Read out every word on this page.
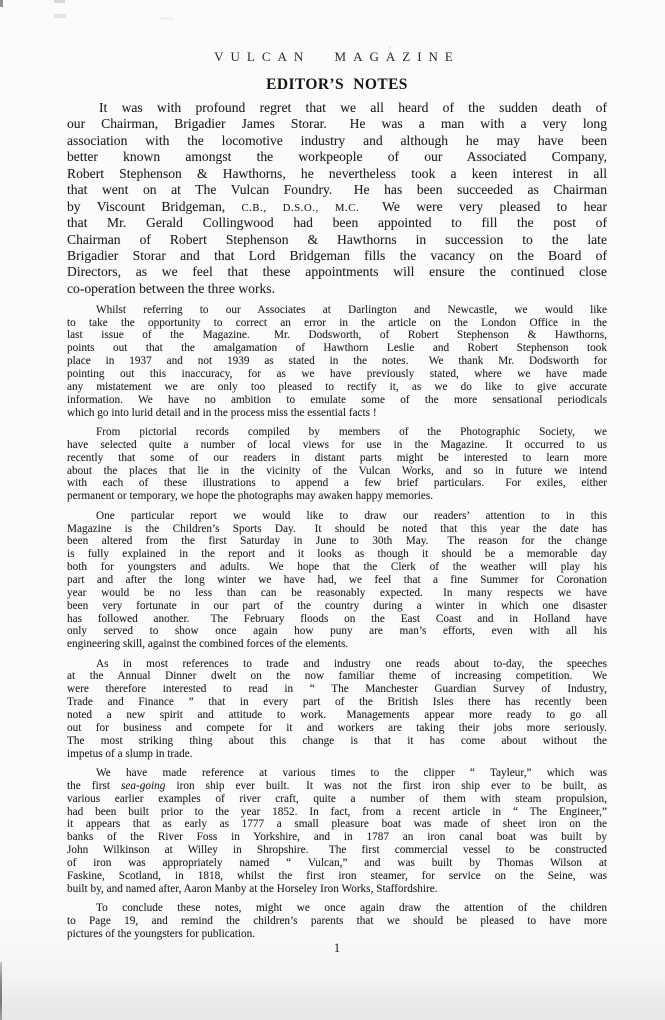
VULCAN MAGAZINE
EDITOR’S NOTES

It was with profound regret that we all heard of the sudden death of
our Chairman, Brigadier James Storar.  He was a man with a very long
association with the locomotive industry and although he may have been
better known amongst the workpeople of our Associated Company,
Robert Stephenson & Hawthorns, he nevertheless took a keen interest in all
that went on at The Vulcan Foundry.  He has been succeeded as Chairman
by Viscount Bridgeman, C.B., D.S.O., M.C.  We were very pleased to hear
that Mr. Gerald Collingwood had been appointed to fill the post of
Chairman of Robert Stephenson & Hawthorns in succession to the late
Brigadier Storar and that Lord Bridgeman fills the vacancy on the Board of
Directors, as we feel that these appointments will ensure the continued close
co-operation between the three works.

Whilst referring to our Associates at Darlington and Newcastle, we would like
to take the opportunity to correct an error in the article on the London Office in the
last issue of the Magazine.  Mr. Dodsworth, of Robert Stephenson & Hawthorns,
points out that the amalgamation of Hawthorn Leslie and Robert Stephenson took
place in 1937 and not 1939 as stated in the notes.  We thank Mr. Dodsworth for
pointing out this inaccuracy, for as we have previously stated, where we have made
any mistatement we are only too pleased to rectify it, as we do like to give accurate
information. We have no ambition to emulate some of the more sensational periodicals
which go into lurid detail and in the process miss the essential facts !

From pictorial records compiled by members of the Photographic Society, we
have selected quite a number of local views for use in the Magazine.  It occurred to us
recently that some of our readers in distant parts might be interested to learn more
about the places that lie in the vicinity of the Vulcan Works, and so in future we intend
with each of these illustrations to append a few brief particulars.  For exiles, either
permanent or temporary, we hope the photographs may awaken happy memories.

One particular report we would like to draw our readers’ attention to in this
Magazine is the Children’s Sports Day.  It should be noted that this year the date has
been altered from the first Saturday in June to 30th May.  The reason for the change
is fully explained in the report and it looks as though it should be a memorable day
both for youngsters and adults.  We hope that the Clerk of the weather will play his
part and after the long winter we have had, we feel that a fine Summer for Coronation
year would be no less than can be reasonably expected.  In many respects we have
been very fortunate in our part of the country during a winter in which one disaster
has followed another.  The February floods on the East Coast and in Holland have
only served to show once again how puny are man’s efforts, even with all his
engineering skill, against the combined forces of the elements.

As in most references to trade and industry one reads about to-day, the speeches
at the Annual Dinner dwelt on the now familiar theme of increasing competition.  We
were therefore interested to read in “ The Manchester Guardian Survey of Industry,
Trade and Finance ” that in every part of the British Isles there has recently been
noted a new spirit and attitude to work.  Managements appear more ready to go all
out for business and compete for it and workers are taking their jobs more seriously.
The most striking thing about this change is that it has come about without the
impetus of a slump in trade.

We have made reference at various times to the clipper “ Tayleur,” which was
the first sea-going iron ship ever built.  It was not the first iron ship ever to be built, as
various earlier examples of river craft, quite a number of them with steam propulsion,
had been built prior to the year 1852. In fact, from a recent article in “ The Engineer,”
it appears that as early as 1777 a small pleasure boat was made of sheet iron on the
banks of the River Foss in Yorkshire, and in 1787 an iron canal boat was built by
John Wilkinson at Willey in Shropshire.  The first commercial vessel to be constructed
of iron was appropriately named “ Vulcan,” and was built by Thomas Wilson at
Faskine, Scotland, in 1818, whilst the first iron steamer, for service on the Seine, was
built by, and named after, Aaron Manby at the Horseley Iron Works, Staffordshire.

To conclude these notes, might we once again draw the attention of the children
to Page 19, and remind the children’s parents that we should be pleased to have more
pictures of the youngsters for publication.

1
